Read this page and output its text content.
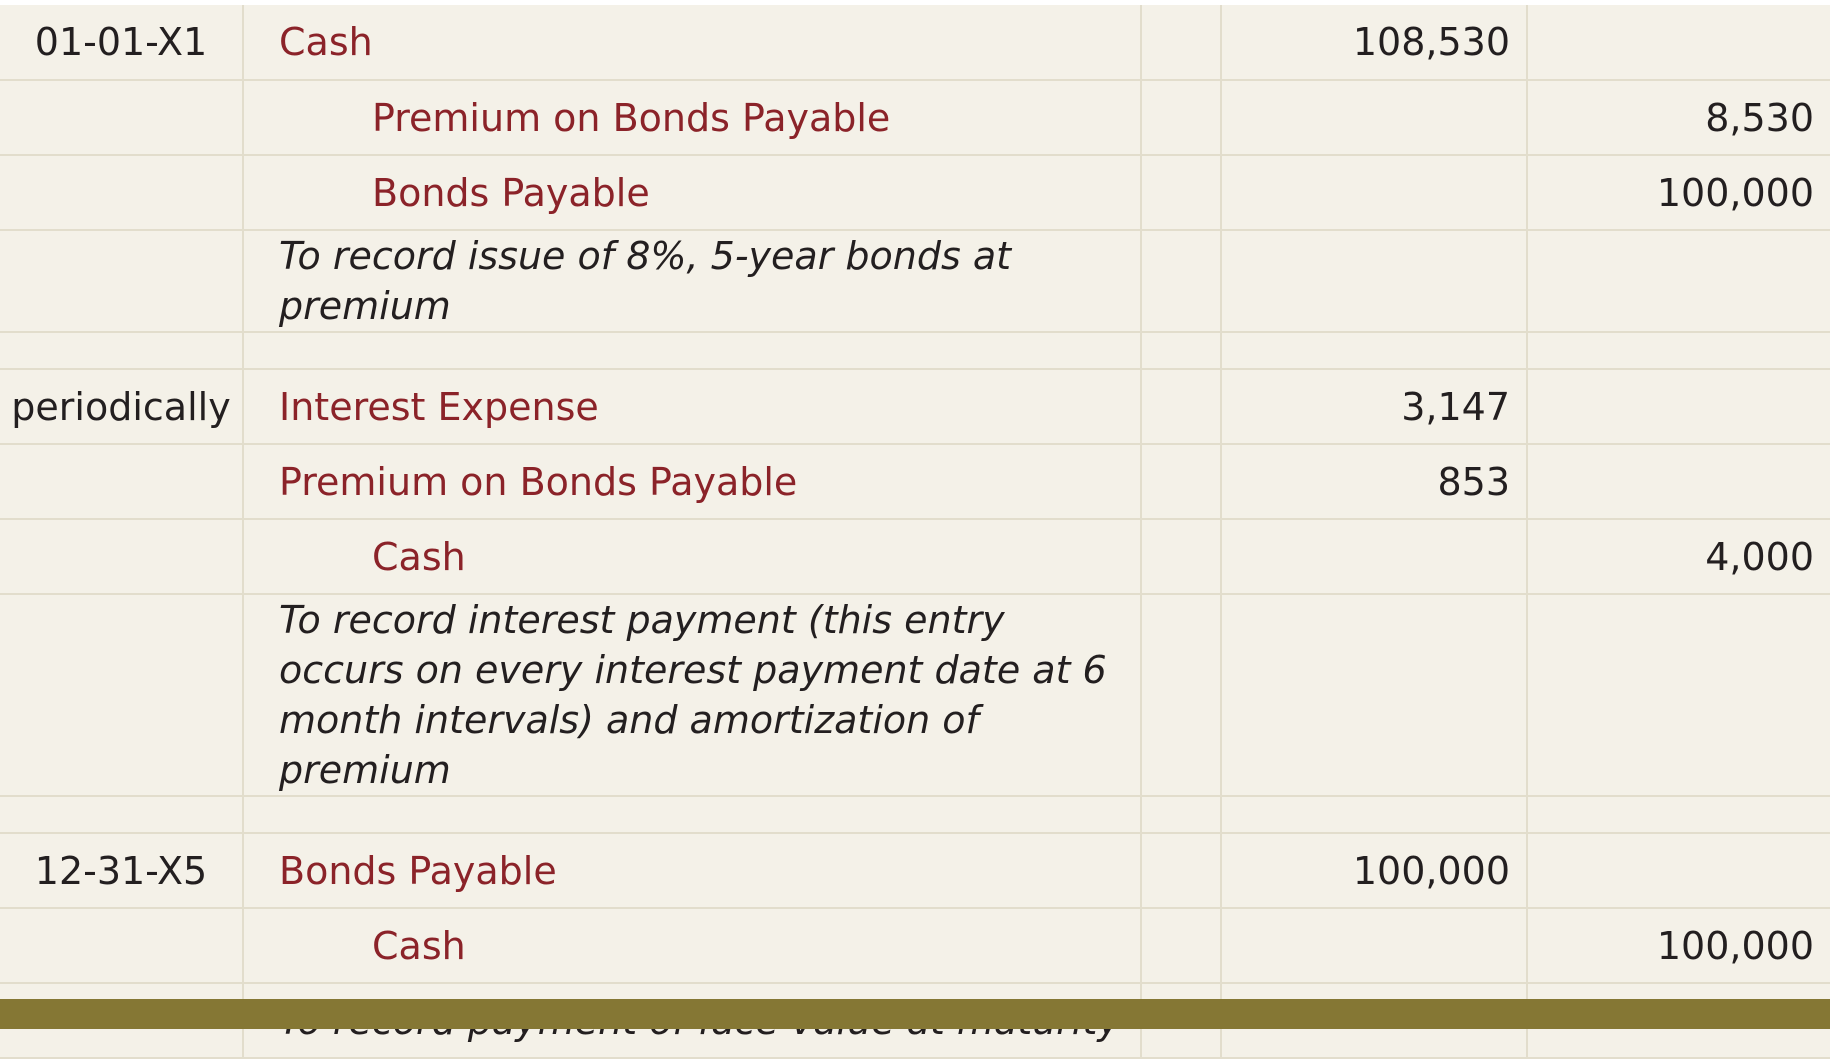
01-01-X1	Cash		108,530	
	Premium on Bonds Payable			8,530
	Bonds Payable			100,000
	To record issue of 8%, 5-year bonds at premium			

periodically	Interest Expense		3,147	
	Premium on Bonds Payable		853	
	Cash			4,000
	To record interest payment (this entry occurs on every interest payment date at 6 month intervals) and amortization of premium			

12-31-X5	Bonds Payable		100,000	
	Cash			100,000
